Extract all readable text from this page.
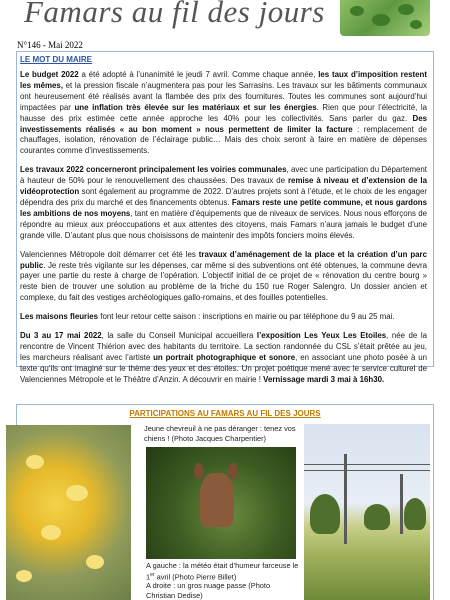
Famars au fil des jours
N°146 - Mai 2022
LE MOT DU MAIRE

Le budget 2022 a été adopté à l’unanimité le jeudi 7 avril. Comme chaque année, les taux d’imposition restent les mêmes, et la pression fiscale n’augmentera pas pour les Sarrasins. Les travaux sur les bâtiments communaux ont heureusement été réalisés avant la flambée des prix des fournitures. Toutes les communes sont aujourd’hui impactées par une inflation très élevée sur les matériaux et sur les énergies. Rien que pour l’électricité, la hausse des prix estimée cette année approche les 40% pour les collectivités. Sans parler du gaz. Des investissements réalisés « au bon moment » nous permettent de limiter la facture : remplacement de chauffages, isolation, rénovation de l’éclairage public… Mais des choix seront à faire en matière de dépenses courantes comme d’investissements.

Les travaux 2022 concerneront principalement les voiries communales, avec une participation du Département à hauteur de 50% pour le renouvellement des chaussées. Des travaux de remise à niveau et d’extension de la vidéoprotection sont également au programme de 2022. D’autres projets sont à l’étude, et le choix de les engager dépendra des prix du marché et des financements obtenus. Famars reste une petite commune, et nous gardons les ambitions de nos moyens, tant en matière d’équipements que de niveaux de services. Nous nous efforçons de répondre au mieux aux préoccupations et aux attentes des citoyens, mais Famars n’aura jamais le budget d’une grande ville. D’autant plus que nous choisissons de maintenir des impôts fonciers moins élevés.

Valenciennes Métropole doit démarrer cet été les travaux d’aménagement de la place et la création d’un parc public. Je reste très vigilante sur les dépenses, car même si des subventions ont été obtenues, la commune devra payer une partie du reste à charge de l’opération. L’objectif initial de ce projet de « rénovation du centre bourg » reste bien de trouver une solution au problème de la friche du 150 rue Roger Salengro. Un dossier ancien et complexe, du fait des vestiges archéologiques gallo-romains, et des fouilles potentielles.

Les maisons fleuries font leur retour cette saison : inscriptions en mairie ou par téléphone du 9 au 25 mai.

Du 3 au 17 mai 2022, la salle du Conseil Municipal accueillera l’exposition Les Yeux Les Etoiles, née de la rencontre de Vincent Thiérion avec des habitants du territoire. La section randonnée du CSL s’était prêtée au jeu, les marcheurs réalisant avec l’artiste un portrait photographique et sonore, en associant une photo posée à un texte qu’ils ont imaginé sur le thème des yeux et des étoiles. Un projet poétique mené avec le service culturel de Valenciennes Métropole et le Théâtre d’Anzin. A découvrir en mairie ! Vernissage mardi 3 mai à 16h30.

PARTICIPATIONS AU FAMARS AU FIL DES JOURS
Jeune chevreuil à ne pas déranger : tenez vos chiens ! (Photo Jacques Charpentier)
A gauche : la météo était d’humeur farceuse le 1er avril (Photo Pierre Billet)
A droite : un gros nuage passe (Photo Christian Dedise)
